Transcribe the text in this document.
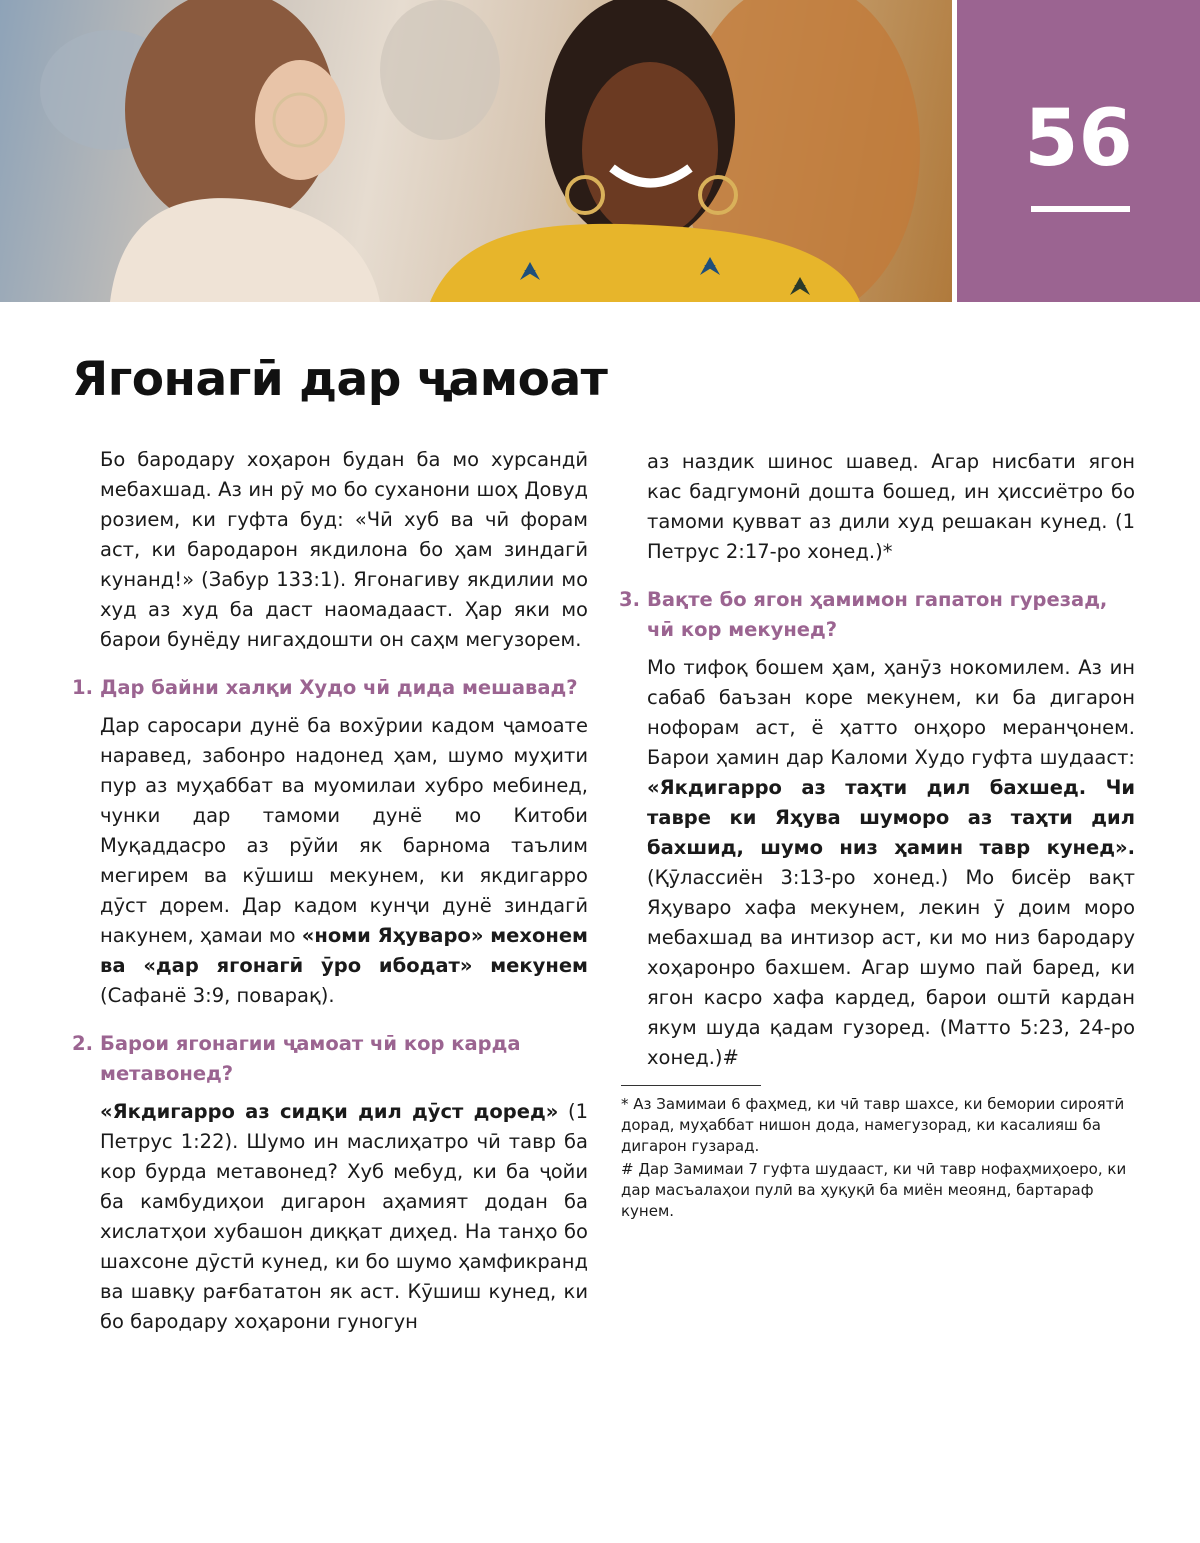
56
Ягонагӣ дар ҷамоат

Бо бародару хоҳарон будан ба мо хурсандӣ мебахшад. Аз ин рӯ мо бо суханони шоҳ Довуд розием, ки гуфта буд: «Чӣ хуб ва чӣ форам аст, ки бародарон якдилона бо ҳам зиндагӣ кунанд!» (Забур 133:1). Ягонагиву якдилии мо худ аз худ ба даст наомадааст. Ҳар яки мо барои бунёду нигаҳдошти он саҳм мегузорем.

1. Дар байни халқи Худо чӣ дида мешавад?

Дар саросари дунё ба вохӯрии кадом ҷамоате наравед, забонро надонед ҳам, шумо муҳити пур аз муҳаббат ва муомилаи хубро мебинед, чунки дар тамоми дунё мо Китоби Муқаддасро аз рӯйи як барнома таълим мегирем ва кӯшиш мекунем, ки якдигарро дӯст дорем. Дар кадом кунҷи дунё зиндагӣ накунем, ҳамаи мо «номи Яҳуваро» мехонем ва «дар ягонагӣ ӯро ибодат» мекунем (Сафанё 3:9, поварақ).

2. Барои ягонагии ҷамоат чӣ кор карда метавонед?

«Якдигарро аз сидқи дил дӯст доред» (1 Петрус 1:22). Шумо ин маслиҳатро чӣ тавр ба кор бурда метавонед? Хуб мебуд, ки ба ҷойи ба камбудиҳои дигарон аҳамият додан ба хислатҳои хубашон диққат диҳед. На танҳо бо шахсоне дӯстӣ кунед, ки бо шумо ҳамфикранд ва шавқу рағбататон як аст. Кӯшиш кунед, ки бо бародару хоҳарони гуногун

аз наздик шинос шавед. Агар нисбати ягон кас бадгумонӣ дошта бошед, ин ҳиссиётро бо тамоми қувват аз дили худ решакан кунед. (1 Петрус 2:17-ро хонед.)*

3. Вақте бо ягон ҳамимон гапатон гурезад, чӣ кор мекунед?

Мо тифоқ бошем ҳам, ҳанӯз нокомилем. Аз ин сабаб баъзан коре мекунем, ки ба дигарон нофорам аст, ё ҳатто онҳоро меранҷонем. Барои ҳамин дар Каломи Худо гуфта шудааст: «Якдигарро аз таҳти дил бахшед. Чи тавре ки Яҳува шуморо аз таҳти дил бахшид, шумо низ ҳамин тавр кунед». (Қӯлассиён 3:13-ро хонед.) Мо бисёр вақт Яҳуваро хафа мекунем, лекин ӯ доим моро мебахшад ва интизор аст, ки мо низ бародару хоҳаронро бахшем. Агар шумо пай баред, ки ягон касро хафа кардед, барои оштӣ кардан якум шуда қадам гузоред. (Матто 5:23, 24-ро хонед.)#

* Аз Замимаи 6 фаҳмед, ки чӣ тавр шахсе, ки бемории сироятӣ дорад, муҳаббат нишон дода, намегузорад, ки касалияш ба дигарон гузарад.

# Дар Замимаи 7 гуфта шудааст, ки чӣ тавр нофаҳмиҳоеро, ки дар масъалаҳои пулӣ ва ҳуқуқӣ ба миён меоянд, бартараф кунем.
